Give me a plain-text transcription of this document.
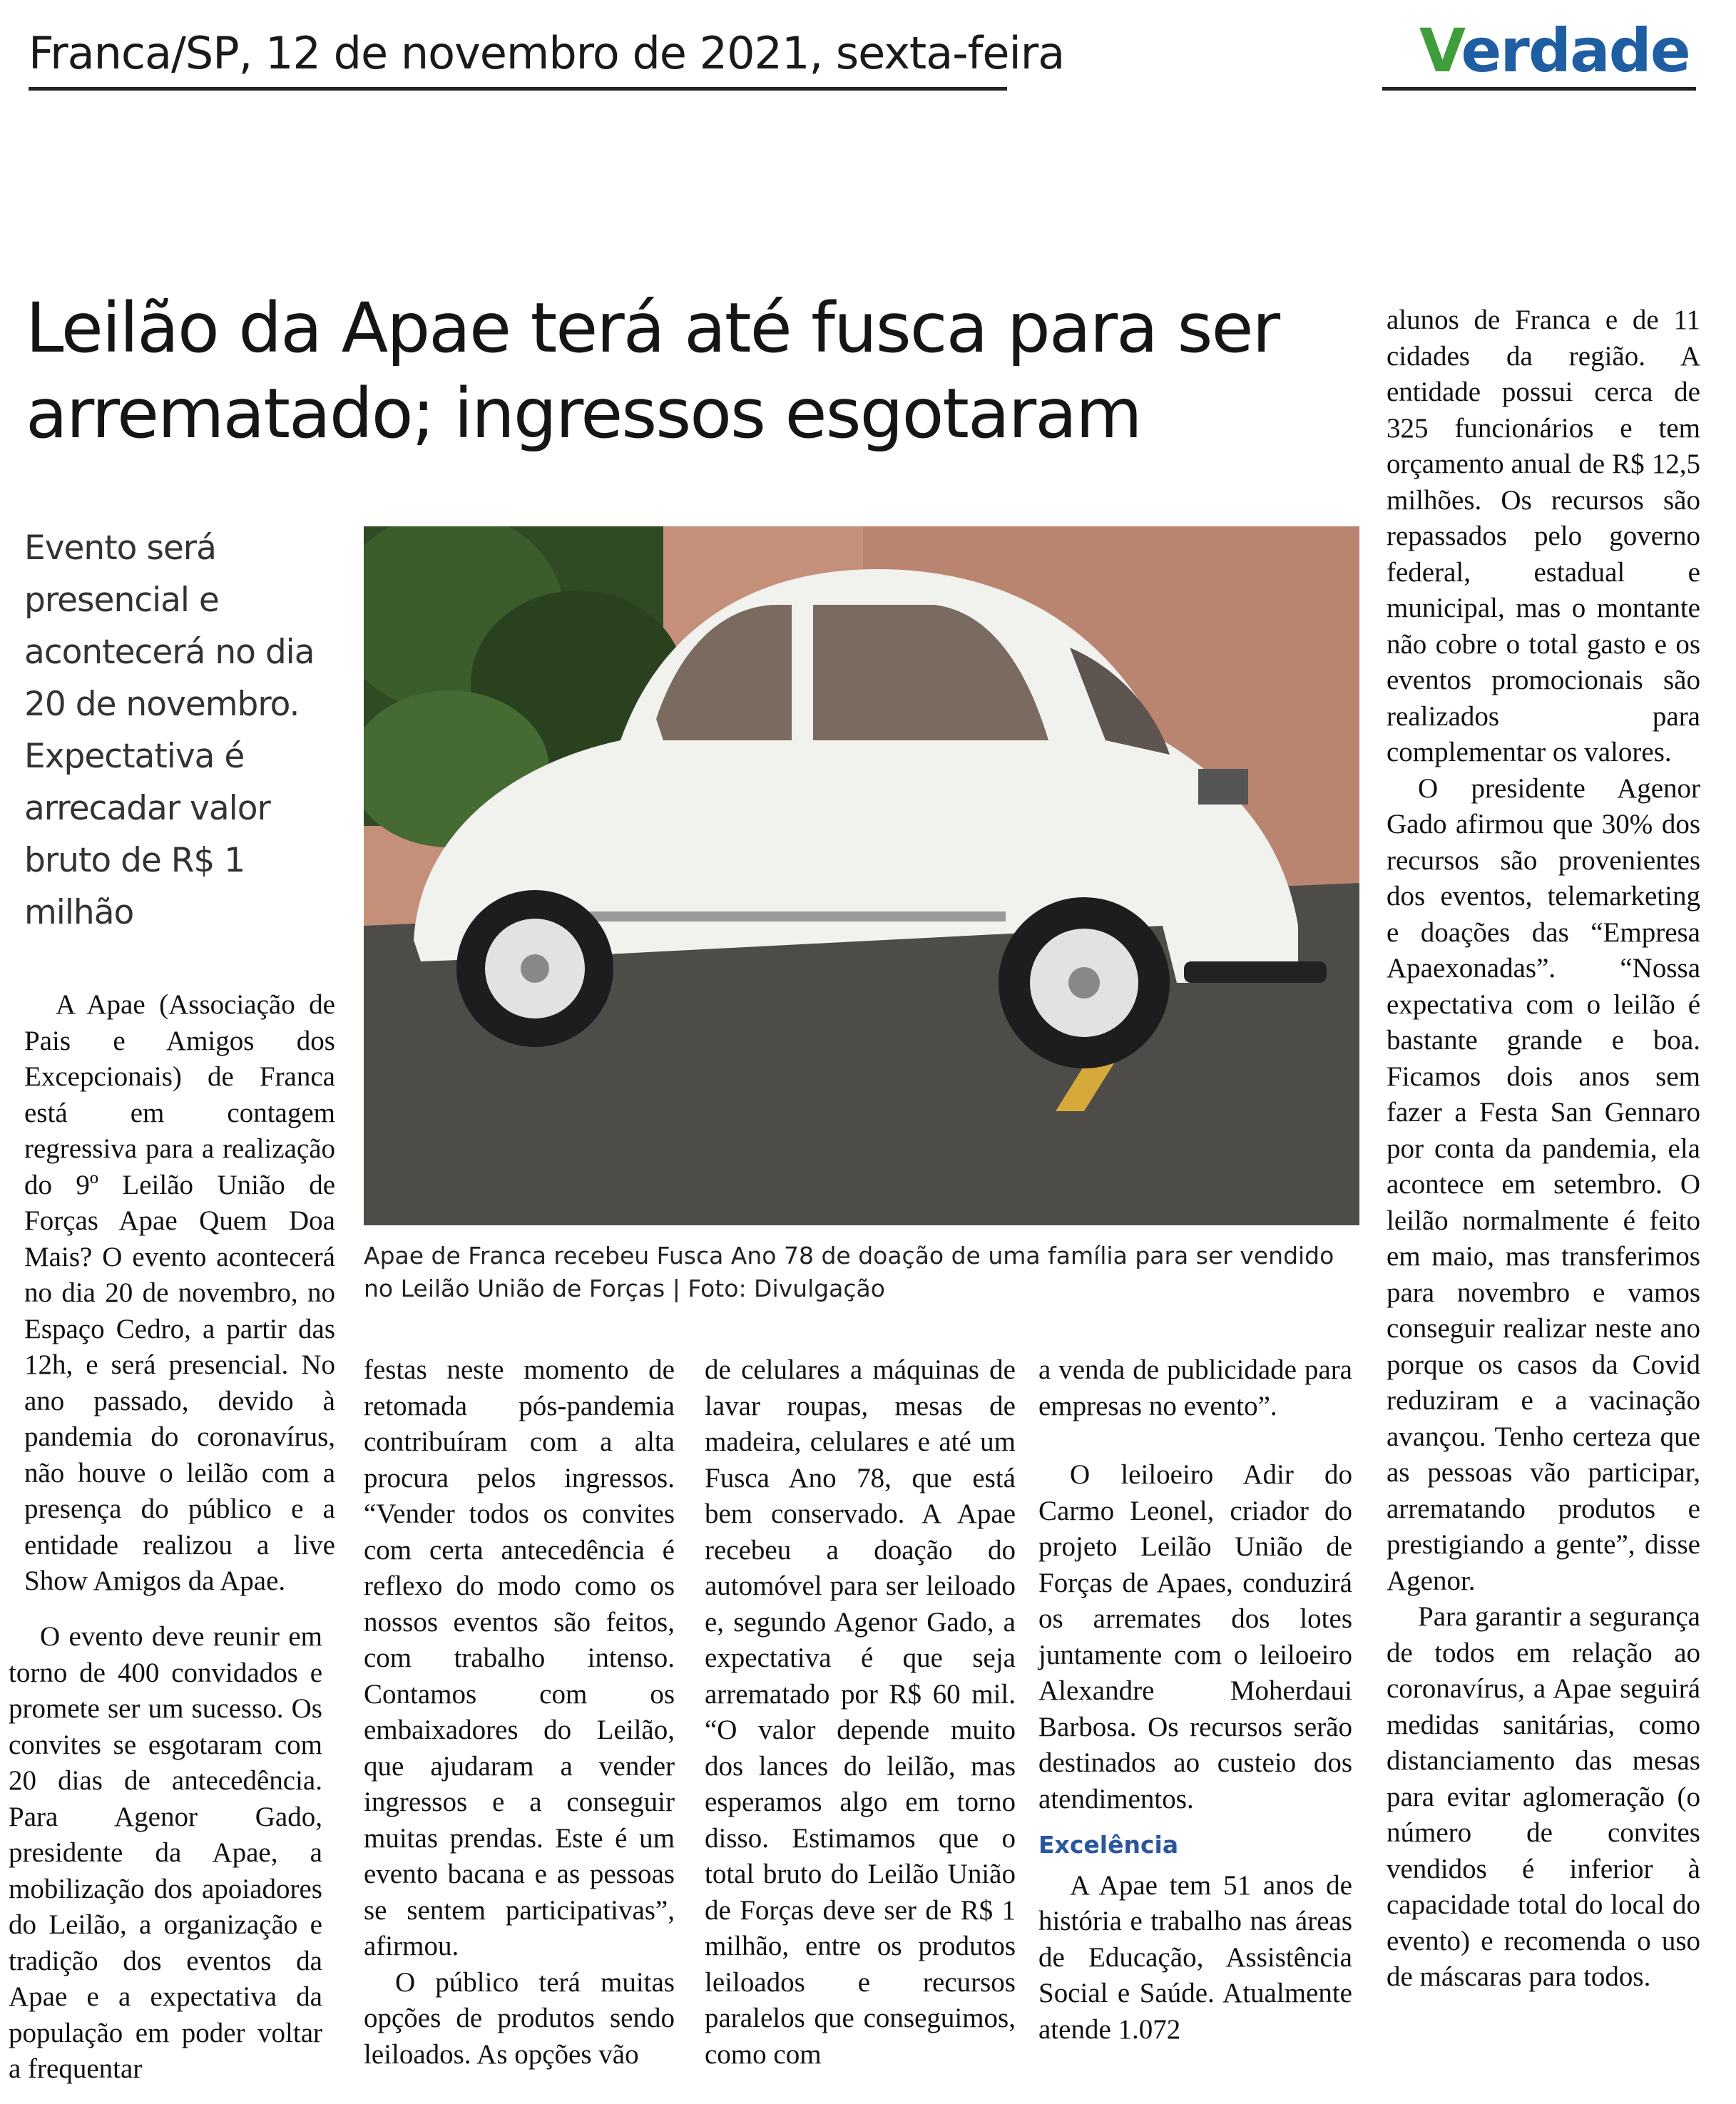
Franca/SP, 12 de novembro de 2021, sexta-feira	Verdade
Leilão da Apae terá até fusca para ser arrematado; ingressos esgotaram
Evento será presencial e acontecerá no dia 20 de novembro. Expectativa é arrecadar valor bruto de R$ 1 milhão
Apae de Franca recebeu Fusca Ano 78 de doação de uma família para ser vendido no Leilão União de Forças | Foto: Divulgação

A Apae (Associação de Pais e Amigos dos Excepcionais) de Franca está em contagem regressiva para a realização do 9º Leilão União de Forças Apae Quem Doa Mais? O evento acontecerá no dia 20 de novembro, no Espaço Cedro, a partir das 12h, e será presencial. No ano passado, devido à pandemia do coronavírus, não houve o leilão com a presença do público e a entidade realizou a live Show Amigos da Apae.

O evento deve reunir em torno de 400 convidados e promete ser um sucesso. Os convites se esgotaram com 20 dias de antecedência. Para Agenor Gado, presidente da Apae, a mobilização dos apoiadores do Leilão, a organização e tradição dos eventos da Apae e a expectativa da população em poder voltar a frequentar

festas neste momento de retomada pós-pandemia contribuíram com a alta procura pelos ingressos. “Vender todos os convites com certa antecedência é reflexo do modo como os nossos eventos são feitos, com trabalho intenso. Contamos com os embaixadores do Leilão, que ajudaram a vender ingressos e a conseguir muitas prendas. Este é um evento bacana e as pessoas se sentem participativas”, afirmou.

O público terá muitas opções de produtos sendo leiloados. As opções vão

de celulares a máquinas de lavar roupas, mesas de madeira, celulares e até um Fusca Ano 78, que está bem conservado. A Apae recebeu a doação do automóvel para ser leiloado e, segundo Agenor Gado, a expectativa é que seja arrematado por R$ 60 mil. “O valor depende muito dos lances do leilão, mas esperamos algo em torno disso. Estimamos que o total bruto do Leilão União de Forças deve ser de R$ 1 milhão, entre os produtos leiloados e recursos paralelos que conseguimos, como com

a venda de publicidade para empresas no evento”.

O leiloeiro Adir do Carmo Leonel, criador do projeto Leilão União de Forças de Apaes, conduzirá os arremates dos lotes juntamente com o leiloeiro Alexandre Moherdaui Barbosa. Os recursos serão destinados ao custeio dos atendimentos.

Excelência

A Apae tem 51 anos de história e trabalho nas áreas de Educação, Assistência Social e Saúde. Atualmente atende 1.072

alunos de Franca e de 11 cidades da região. A entidade possui cerca de 325 funcionários e tem orçamento anual de R$ 12,5 milhões. Os recursos são repassados pelo governo federal, estadual e municipal, mas o montante não cobre o total gasto e os eventos promocionais são realizados para complementar os valores.

O presidente Agenor Gado afirmou que 30% dos recursos são provenientes dos eventos, telemarketing e doações das “Empresa Apaexonadas”. “Nossa expectativa com o leilão é bastante grande e boa. Ficamos dois anos sem fazer a Festa San Gennaro por conta da pandemia, ela acontece em setembro. O leilão normalmente é feito em maio, mas transferimos para novembro e vamos conseguir realizar neste ano porque os casos da Covid reduziram e a vacinação avançou. Tenho certeza que as pessoas vão participar, arrematando produtos e prestigiando a gente”, disse Agenor.

Para garantir a segurança de todos em relação ao coronavírus, a Apae seguirá medidas sanitárias, como distanciamento das mesas para evitar aglomeração (o número de convites vendidos é inferior à capacidade total do local do evento) e recomenda o uso de máscaras para todos.
